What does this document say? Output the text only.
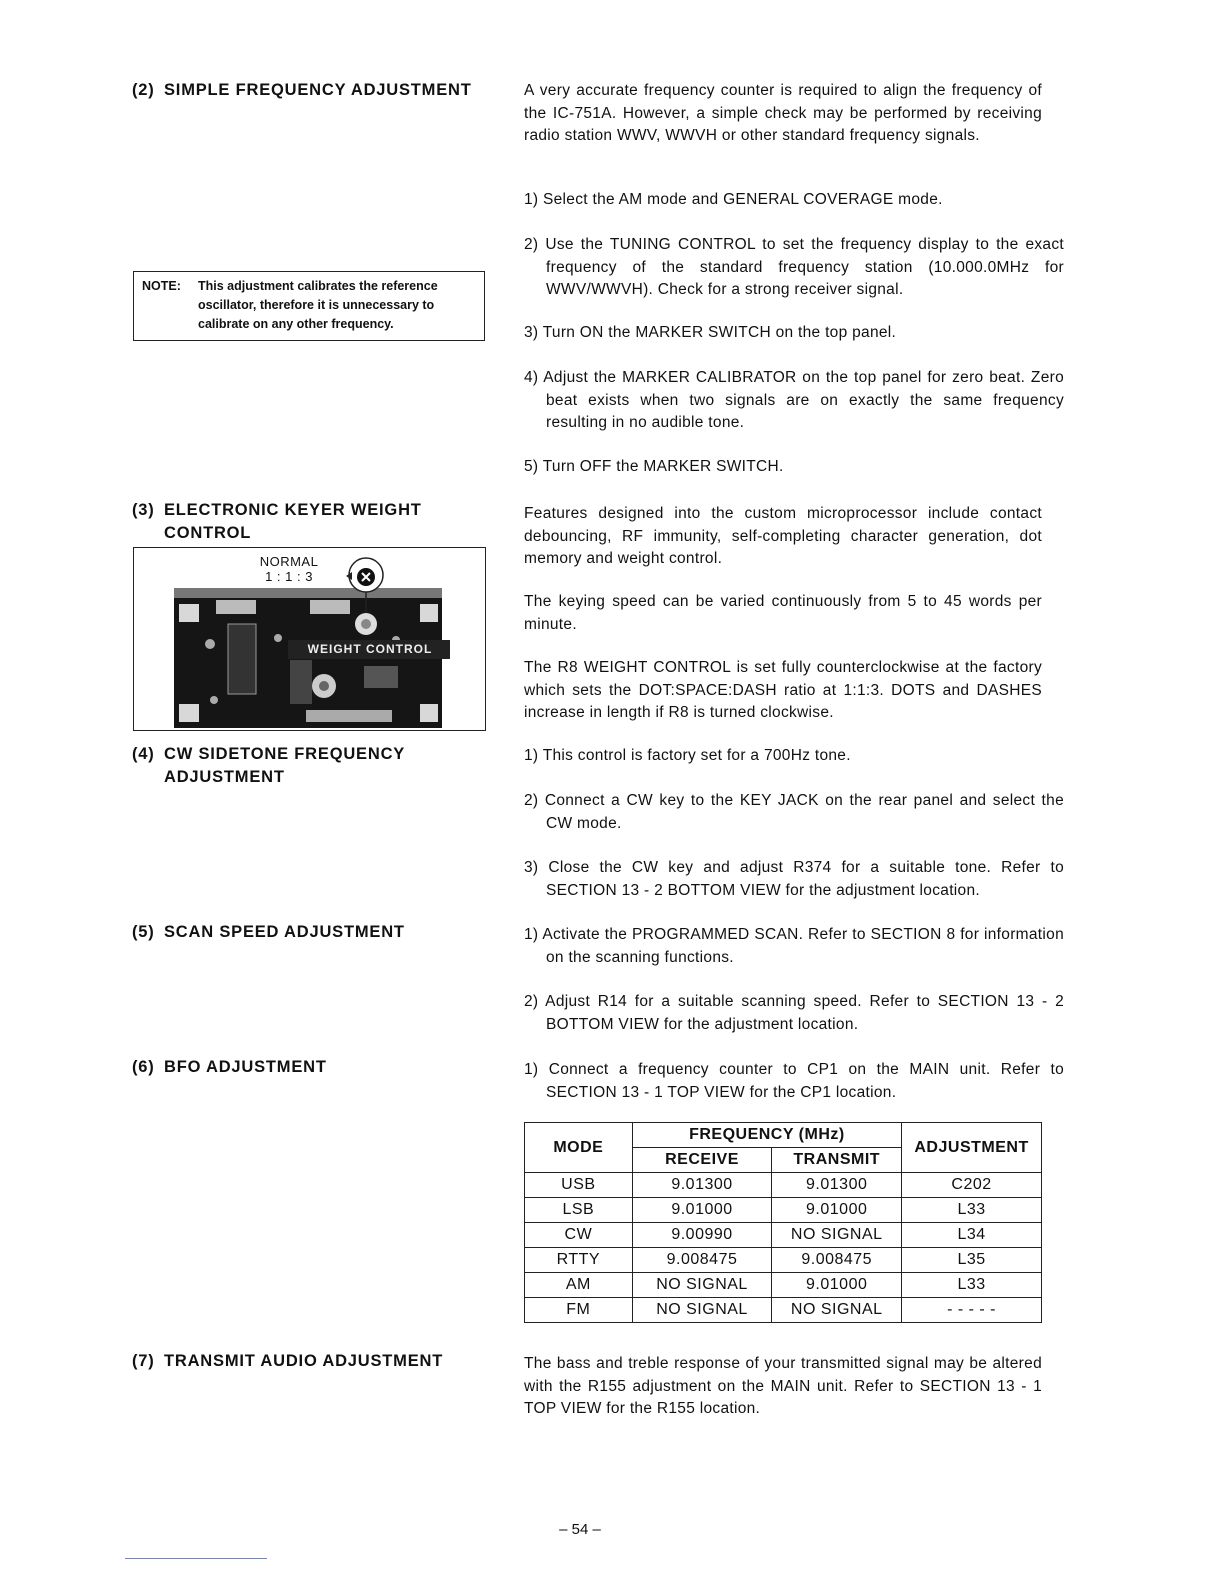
(2) SIMPLE FREQUENCY ADJUSTMENT	A very accurate frequency counter is required to align the frequency of the IC-751A. However, a simple check may be performed by receiving radio station WWV, WWVH or other standard frequency signals.
NOTE: This adjustment calibrates the reference oscillator, therefore it is unnecessary to calibrate on any other frequency.
1) Select the AM mode and GENERAL COVERAGE mode.
2) Use the TUNING CONTROL to set the frequency display to the exact frequency of the standard frequency station (10.000.0MHz for WWV/WWVH). Check for a strong receiver signal.
3) Turn ON the MARKER SWITCH on the top panel.
4) Adjust the MARKER CALIBRATOR on the top panel for zero beat. Zero beat exists when two signals are on exactly the same frequency resulting in no audible tone.
5) Turn OFF the MARKER SWITCH.
(3) ELECTRONIC KEYER WEIGHT
CONTROL
NORMAL
1 : 1 : 3
WEIGHT CONTROL
Features designed into the custom microprocessor include contact debouncing, RF immunity, self-completing character generation, dot memory and weight control.
The keying speed can be varied continuously from 5 to 45 words per minute.
The R8 WEIGHT CONTROL is set fully counterclockwise at the factory which sets the DOT:SPACE:DASH ratio at 1:1:3. DOTS and DASHES increase in length if R8 is turned clockwise.
(4) CW SIDETONE FREQUENCY
ADJUSTMENT
1) This control is factory set for a 700Hz tone.
2) Connect a CW key to the KEY JACK on the rear panel and select the CW mode.
3) Close the CW key and adjust R374 for a suitable tone. Refer to SECTION 13 - 2 BOTTOM VIEW for the adjustment location.
(5) SCAN SPEED ADJUSTMENT	1) Activate the PROGRAMMED SCAN. Refer to SECTION 8 for information on the scanning functions.
2) Adjust R14 for a suitable scanning speed. Refer to SECTION 13 - 2 BOTTOM VIEW for the adjustment location.
(6) BFO ADJUSTMENT	1) Connect a frequency counter to CP1 on the MAIN unit. Refer to SECTION 13 - 1 TOP VIEW for the CP1 location.
MODE	FREQUENCY (MHz)		ADJUSTMENT
	RECEIVE	TRANSMIT	
USB	9.01300	9.01300	C202
LSB	9.01000	9.01000	L33
CW	9.00990	NO SIGNAL	L34
RTTY	9.008475	9.008475	L35
AM	NO SIGNAL	9.01000	L33
FM	NO SIGNAL	NO SIGNAL	- - - - -
(7) TRANSMIT AUDIO ADJUSTMENT	The bass and treble response of your transmitted signal may be altered with the R155 adjustment on the MAIN unit. Refer to SECTION 13 - 1 TOP VIEW for the R155 location.
– 54 –
